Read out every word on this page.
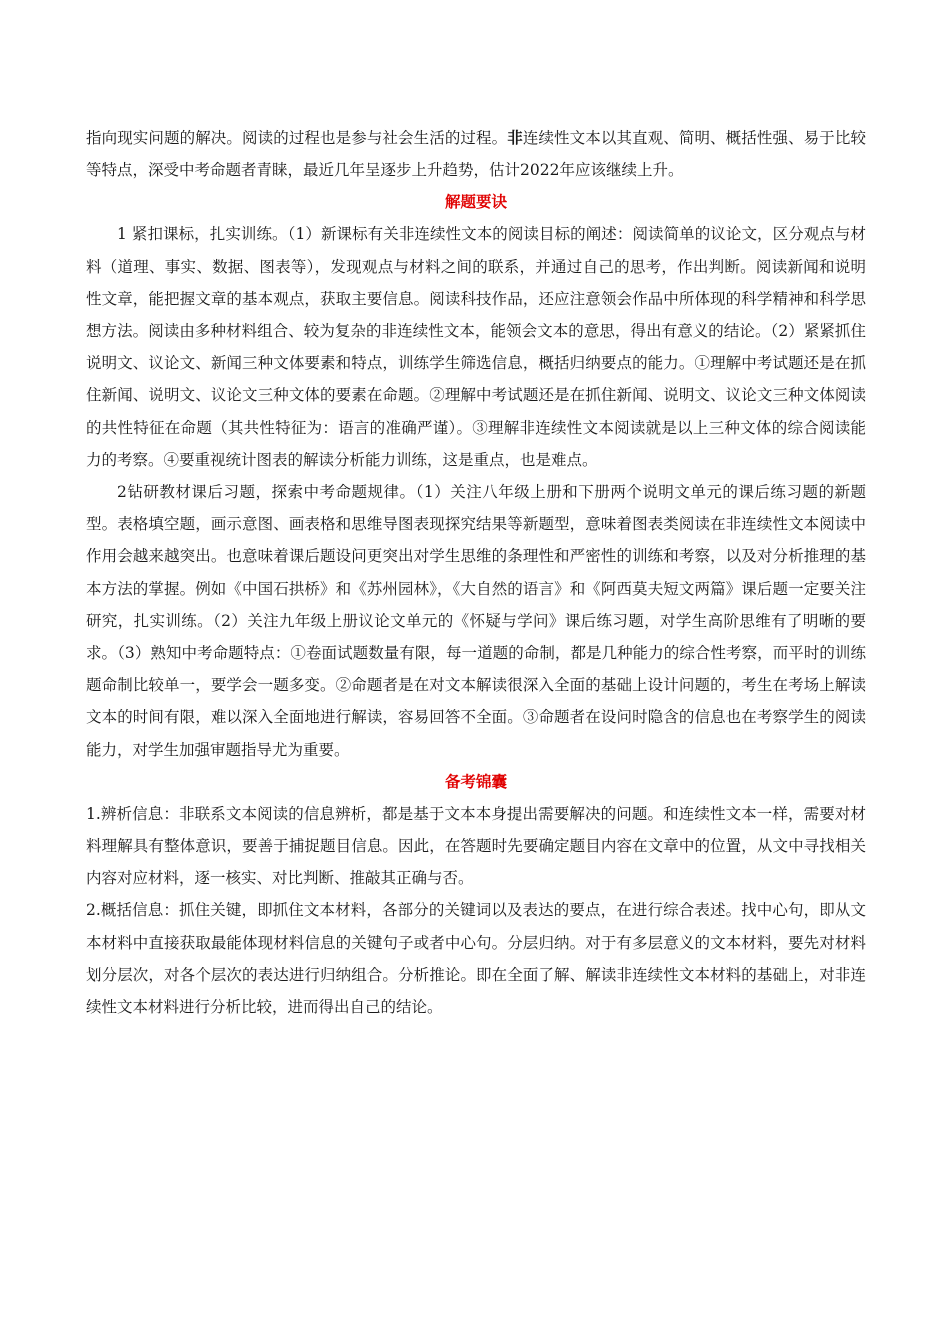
指向现实问题的解决。阅读的过程也是参与社会生活的过程。非连续性文本以其直观、简明、概括性强、易于比较等特点，深受中考命题者青睐，最近几年呈逐步上升趋势，估计2022年应该继续上升。

解题要诀

1 紧扣课标，扎实训练。（1）新课标有关非连续性文本的阅读目标的阐述：阅读简单的议论文，区分观点与材料（道理、事实、数据、图表等），发现观点与材料之间的联系，并通过自己的思考，作出判断。阅读新闻和说明性文章，能把握文章的基本观点，获取主要信息。阅读科技作品，还应注意领会作品中所体现的科学精神和科学思想方法。阅读由多种材料组合、较为复杂的非连续性文本，能领会文本的意思，得出有意义的结论。（2）紧紧抓住说明文、议论文、新闻三种文体要素和特点，训练学生筛选信息，概括归纳要点的能力。①理解中考试题还是在抓住新闻、说明文、议论文三种文体的要素在命题。②理解中考试题还是在抓住新闻、说明文、议论文三种文体阅读的共性特征在命题（其共性特征为：语言的准确严谨）。③理解非连续性文本阅读就是以上三种文体的综合阅读能力的考察。④要重视统计图表的解读分析能力训练，这是重点，也是难点。

2钻研教材课后习题，探索中考命题规律。（1）关注八年级上册和下册两个说明文单元的课后练习题的新题型。表格填空题，画示意图、画表格和思维导图表现探究结果等新题型，意味着图表类阅读在非连续性文本阅读中作用会越来越突出。也意味着课后题设问更突出对学生思维的条理性和严密性的训练和考察，以及对分析推理的基本方法的掌握。例如《中国石拱桥》和《苏州园林》，《大自然的语言》和《阿西莫夫短文两篇》课后题一定要关注研究，扎实训练。（2）关注九年级上册议论文单元的《怀疑与学问》课后练习题，对学生高阶思维有了明晰的要求。（3）熟知中考命题特点：①卷面试题数量有限，每一道题的命制，都是几种能力的综合性考察，而平时的训练题命制比较单一，要学会一题多变。②命题者是在对文本解读很深入全面的基础上设计问题的，考生在考场上解读文本的时间有限，难以深入全面地进行解读，容易回答不全面。③命题者在设问时隐含的信息也在考察学生的阅读能力，对学生加强审题指导尤为重要。

备考锦囊

1.辨析信息：非联系文本阅读的信息辨析，都是基于文本本身提出需要解决的问题。和连续性文本一样，需要对材料理解具有整体意识，要善于捕捉题目信息。因此，在答题时先要确定题目内容在文章中的位置，从文中寻找相关内容对应材料，逐一核实、对比判断、推敲其正确与否。

2.概括信息：抓住关键，即抓住文本材料，各部分的关键词以及表达的要点，在进行综合表述。找中心句，即从文本材料中直接获取最能体现材料信息的关键句子或者中心句。分层归纳。对于有多层意义的文本材料，要先对材料划分层次，对各个层次的表达进行归纳组合。分析推论。即在全面了解、解读非连续性文本材料的基础上，对非连续性文本材料进行分析比较，进而得出自己的结论。
